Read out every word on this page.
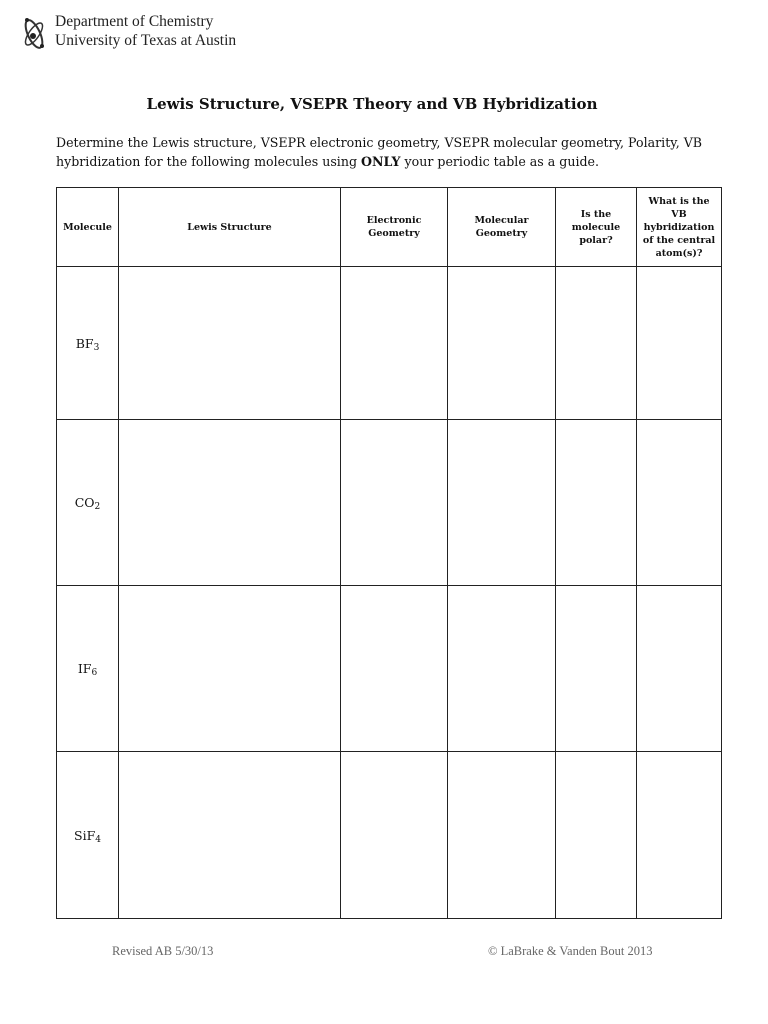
Department of Chemistry
University of Texas at Austin
Lewis Structure, VSEPR Theory and VB Hybridization
Determine the Lewis structure, VSEPR electronic geometry, VSEPR molecular geometry, Polarity, VB
hybridization for the following molecules using ONLY your periodic table as a guide.
Molecule	Lewis Structure	Electronic Geometry	Molecular Geometry	Is the molecule polar?	What is the VB hybridization of the central atom(s)?
$BF_3$					
$CO_2$					
$IF_6$					
SiF$_4$					
Revised AB 5/30/13	© LaBrake & Vanden Bout 2013
